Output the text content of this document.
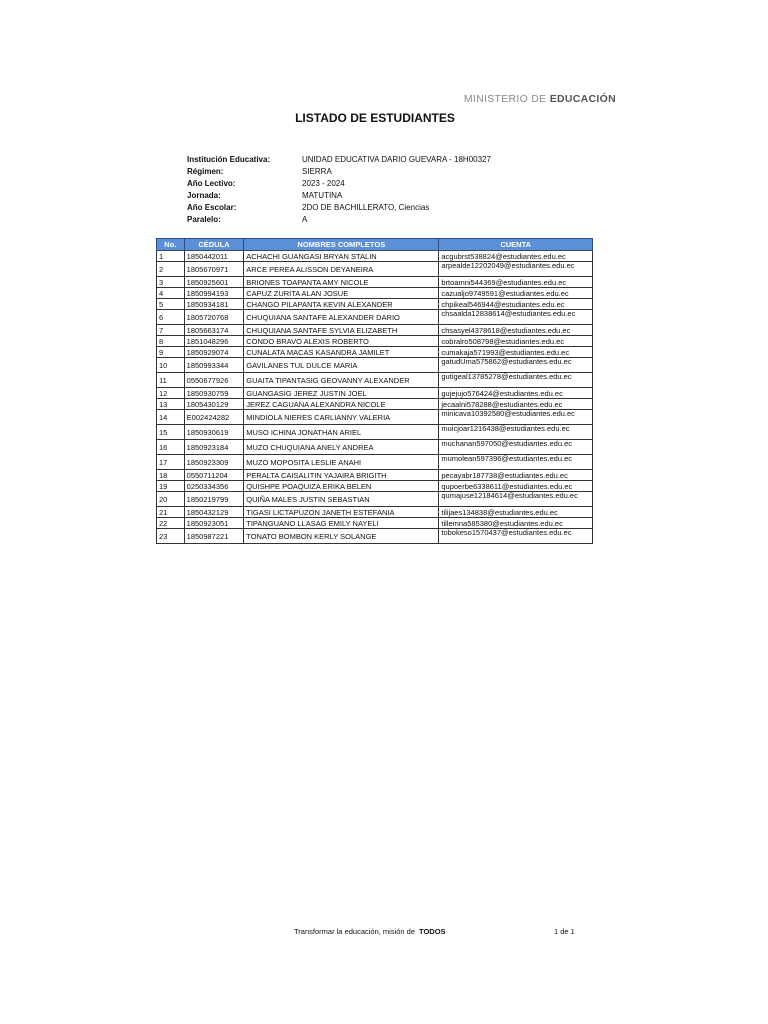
MINISTERIO DE EDUCACIÓN
LISTADO DE ESTUDIANTES
Institución Educativa:	UNIDAD EDUCATIVA DARIO GUEVARA - 18H00327
Régimen:	SIERRA
Año Lectivo:	2023 - 2024
Jornada:	MATUTINA
Año Escolar:	2DO DE BACHILLERATO, Ciencias
Paralelo:	A
No.	CÉDULA	NOMBRES COMPLETOS	CUENTA
1	1850442011	ACHACHI GUANGASI BRYAN STALIN	acgubrst538824@estudiantes.edu.ec
2	1805670971	ARCE PEREA ALISSON DEYANEIRA	arpealde12202049@estudiantes.edu.ec
3	1850925601	BRIONES TOAPANTA AMY NICOLE	brtoamni544369@estudiantes.edu.ec
4	1850994193	CAPUZ ZURITA ALAN JOSUE	cazualjo9749591@estudiantes.edu.ec
5	1850934181	CHANGO PILAPANTA KEVIN ALEXANDER	chpikeal546944@estudiantes.edu.ec
6	1805720768	CHUQUIANA SANTAFE ALEXANDER DARIO	chsaalda12838614@estudiantes.edu.ec
7	1805663174	CHUQUIANA SANTAFE SYLVIA ELIZABETH	chsasyel4378618@estudiantes.edu.ec
8	1851048296	CONDO BRAVO ALEXIS ROBERTO	cobralro508798@estudiantes.edu.ec
9	1850929074	CUNALATA MACAS KASANDRA JAMILET	cumakaja571993@estudiantes.edu.ec
10	1850993344	GAVILANES TUL DULCE MARIA	gatudUma575862@estudiantes.edu.ec
11	0550677926	GUAITA TIPANTASIG GEOVANNY ALEXANDER	gutigeal13785278@estudiantes.edu.ec
12	1850930759	GUANGASIG JEREZ JUSTIN JOEL	gujejujo576424@estudiantes.edu.ec
13	1805430129	JEREZ CAGUANA ALEXANDRA NICOLE	jecaalni578288@estudiantes.edu.ec
14	E002424282	MINDIOLA NIERES CARLIANNY VALERIA	minicava10392580@estudiantes.edu.ec
15	1850930619	MUSO ICHINA JONATHAN ARIEL	muicjoar1216438@estudiantes.edu.ec
16	1850923184	MUZO CHUQUIANA ANELY ANDREA	muchanan597050@estudiantes.edu.ec
17	1850923309	MUZO MOPOSITA LESLIE ANAHI	mumolean597396@estudiantes.edu.ec
18	0550711204	PERALTA CAISALITIN YAJAIRA BRIGITH	pecayabr187738@estudiantes.edu.ec
19	0250334356	QUISHPE POAQUIZA ERIKA BELEN	qupoerbe6338611@estudiantes.edu.ec
20	1850219799	QUIÑA MALES JUSTIN SEBASTIAN	qumajuse12184614@estudiantes.edu.ec
21	1850432129	TIGASI LICTAPUZON JANETH ESTEFANIA	tilijaes134838@estudiantes.edu.ec
22	1850923051	TIPANGUANO LLASAG EMILY NAYELI	tillemna585380@estudiantes.edu.ec
23	1850987221	TONATO BOMBON KERLY SOLANGE	tobokeso1570437@estudiantes.edu.ec
Transformar la educación, misión de TODOS	1 de 1
